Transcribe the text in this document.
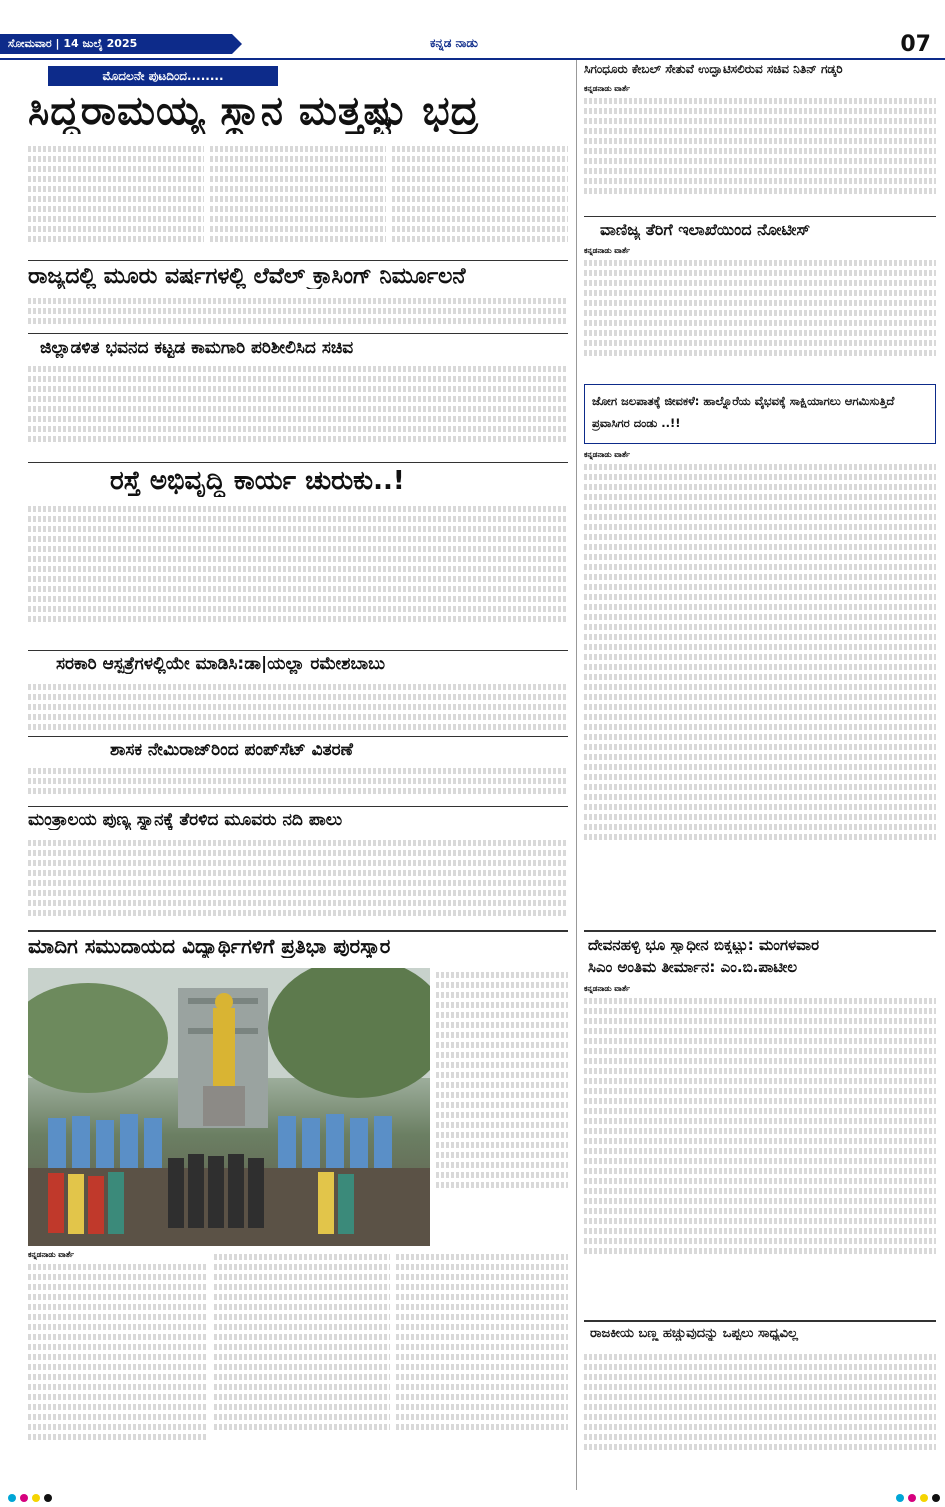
ಸೋಮವಾರ | 14 ಜುಲೈ 2025	ಕನ್ನಡ ನಾಡು	07
ಮೊದಲನೇ ಪುಟದಿಂದ........
ಸಿದ್ದರಾಮಯ್ಯ ಸ್ಥಾನ ಮತ್ತಷ್ಟು ಭದ್ರ
ರಾಜ್ಯದಲ್ಲಿ ಮೂರು ವರ್ಷಗಳಲ್ಲಿ ಲೆವೆಲ್ ಕ್ರಾಸಿಂಗ್ ನಿರ್ಮೂಲನೆ
ಜಿಲ್ಲಾಡಳಿತ ಭವನದ ಕಟ್ಟಡ ಕಾಮಗಾರಿ ಪರಿಶೀಲಿಸಿದ ಸಚಿವ
ರಸ್ತೆ ಅಭಿವೃದ್ಧಿ ಕಾರ್ಯ ಚುರುಕು..!
ಸರಕಾರಿ ಆಸ್ಪತ್ರೆಗಳಲ್ಲಿಯೇ ಮಾಡಿಸಿ:ಡಾ|ಯಲ್ಲಾ ರಮೇಶಬಾಬು
ಶಾಸಕ ನೇಮಿರಾಜ್‌ರಿಂದ ಪಂಪ್‌ಸೆಟ್ ವಿತರಣೆ
ಮಂತ್ರಾಲಯ ಪುಣ್ಯ ಸ್ನಾನಕ್ಕೆ ತೆರಳಿದ ಮೂವರು ನದಿ ಪಾಲು
ಮಾದಿಗ ಸಮುದಾಯದ ವಿದ್ಯಾರ್ಥಿಗಳಿಗೆ ಪ್ರತಿಭಾ ಪುರಸ್ಕಾರ
ಕನ್ನಡನಾಡು ವಾರ್ತೆ
ಸಿಗಂಧೂರು ಕೇಬಲ್ ಸೇತುವೆ ಉದ್ಘಾಟಿಸಲಿರುವ ಸಚಿವ ನಿತಿನ್ ಗಡ್ಕರಿ
ಕನ್ನಡನಾಡು ವಾರ್ತೆ
ವಾಣಿಜ್ಯ ತೆರಿಗೆ ಇಲಾಖೆಯಿಂದ ನೋಟೀಸ್
ಕನ್ನಡನಾಡು ವಾರ್ತೆ
ಜೋಗ ಜಲಪಾತಕ್ಕೆ ಜೀವಕಳೆ: ಹಾಲ್ನೊರೆಯ ವೈಭವಕ್ಕೆ ಸಾಕ್ಷಿಯಾಗಲು ಆಗಮಿಸುತ್ತಿದೆ ಪ್ರವಾಸಿಗರ ದಂಡು ..!!
ಕನ್ನಡನಾಡು ವಾರ್ತೆ
ದೇವನಹಳ್ಳಿ ಭೂ ಸ್ವಾಧೀನ ಬಿಕ್ಕಟ್ಟು: ಮಂಗಳವಾರ
ಸಿಎಂ ಅಂತಿಮ ತೀರ್ಮಾನ: ಎಂ.ಬಿ.ಪಾಟೀಲ
ಕನ್ನಡನಾಡು ವಾರ್ತೆ
ರಾಜಕೀಯ ಬಣ್ಣ ಹಚ್ಚುವುದನ್ನು ಒಪ್ಪಲು ಸಾಧ್ಯವಿಲ್ಲ
